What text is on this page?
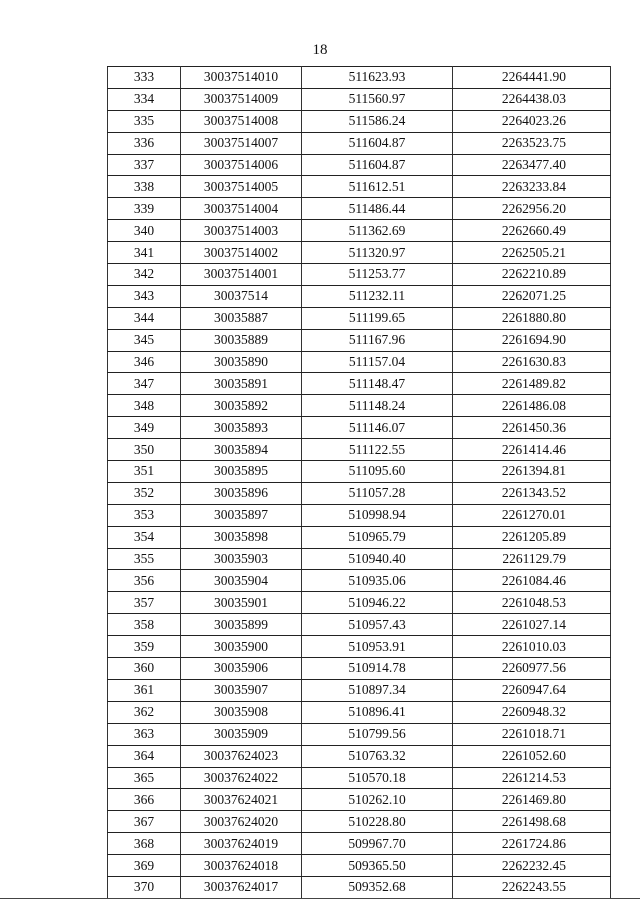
18
333	30037514010	511623.93	2264441.90
334	30037514009	511560.97	2264438.03
335	30037514008	511586.24	2264023.26
336	30037514007	511604.87	2263523.75
337	30037514006	511604.87	2263477.40
338	30037514005	511612.51	2263233.84
339	30037514004	511486.44	2262956.20
340	30037514003	511362.69	2262660.49
341	30037514002	511320.97	2262505.21
342	30037514001	511253.77	2262210.89
343	30037514	511232.11	2262071.25
344	30035887	511199.65	2261880.80
345	30035889	511167.96	2261694.90
346	30035890	511157.04	2261630.83
347	30035891	511148.47	2261489.82
348	30035892	511148.24	2261486.08
349	30035893	511146.07	2261450.36
350	30035894	511122.55	2261414.46
351	30035895	511095.60	2261394.81
352	30035896	511057.28	2261343.52
353	30035897	510998.94	2261270.01
354	30035898	510965.79	2261205.89
355	30035903	510940.40	2261129.79
356	30035904	510935.06	2261084.46
357	30035901	510946.22	2261048.53
358	30035899	510957.43	2261027.14
359	30035900	510953.91	2261010.03
360	30035906	510914.78	2260977.56
361	30035907	510897.34	2260947.64
362	30035908	510896.41	2260948.32
363	30035909	510799.56	2261018.71
364	30037624023	510763.32	2261052.60
365	30037624022	510570.18	2261214.53
366	30037624021	510262.10	2261469.80
367	30037624020	510228.80	2261498.68
368	30037624019	509967.70	2261724.86
369	30037624018	509365.50	2262232.45
370	30037624017	509352.68	2262243.55
